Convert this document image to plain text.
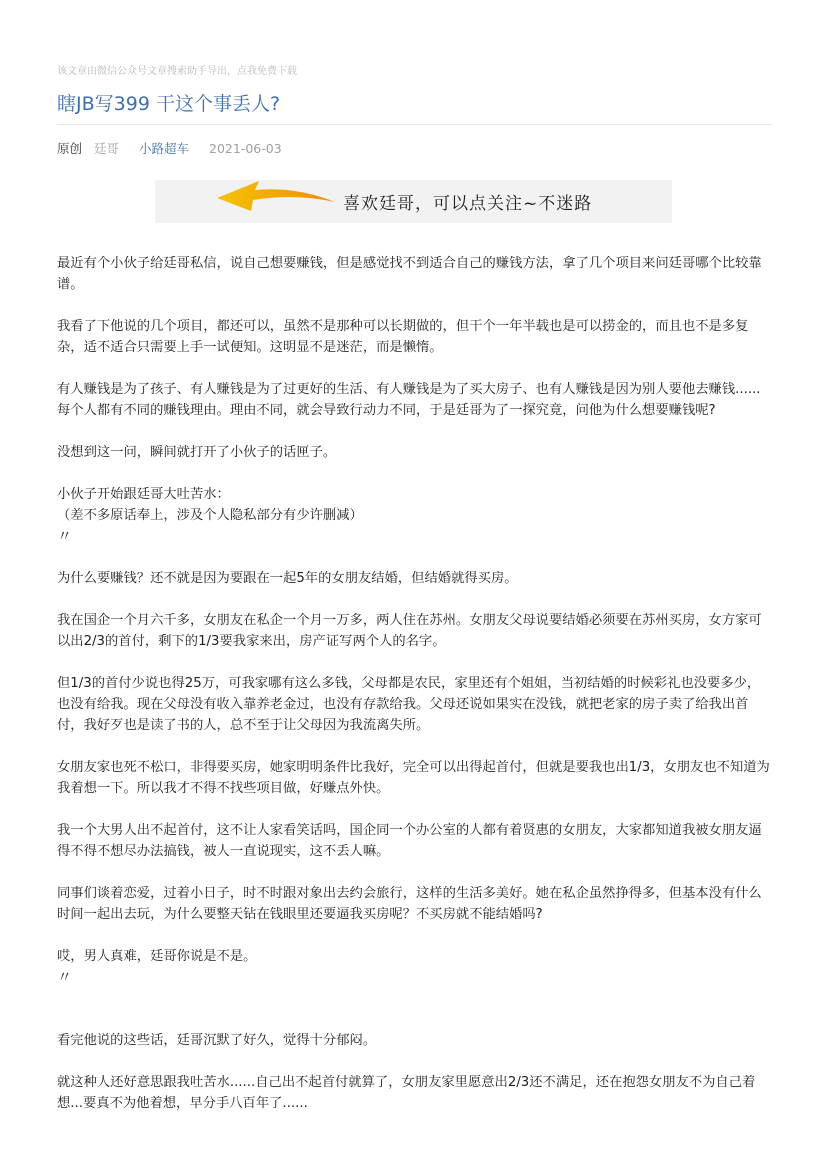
该文章由微信公众号文章搜索助手导出，点我免费下载
瞎JB写399 干这个事丢人?
原创 廷哥 小路超车 2021-06-03
喜欢廷哥，可以点关注~不迷路

最近有个小伙子给廷哥私信，说自己想要赚钱，但是感觉找不到适合自己的赚钱方法，拿了几个项目来问廷哥哪个比较靠谱。

我看了下他说的几个项目，都还可以，虽然不是那种可以长期做的，但干个一年半载也是可以捞金的，而且也不是多复杂，适不适合只需要上手一试便知。这明显不是迷茫，而是懒惰。

有人赚钱是为了孩子、有人赚钱是为了过更好的生活、有人赚钱是为了买大房子、也有人赚钱是因为别人要他去赚钱......每个人都有不同的赚钱理由。理由不同，就会导致行动力不同，于是廷哥为了一探究竟，问他为什么想要赚钱呢?

没想到这一问，瞬间就打开了小伙子的话匣子。

小伙子开始跟廷哥大吐苦水：

（差不多原话奉上，涉及个人隐私部分有少许删减）

〃

为什么要赚钱？还不就是因为要跟在一起5年的女朋友结婚，但结婚就得买房。

我在国企一个月六千多，女朋友在私企一个月一万多，两人住在苏州。女朋友父母说要结婚必须要在苏州买房，女方家可以出2/3的首付，剩下的1/3要我家来出，房产证写两个人的名字。

但1/3的首付少说也得25万，可我家哪有这么多钱，父母都是农民，家里还有个姐姐，当初结婚的时候彩礼也没要多少，也没有给我。现在父母没有收入靠养老金过，也没有存款给我。父母还说如果实在没钱，就把老家的房子卖了给我出首付，我好歹也是读了书的人，总不至于让父母因为我流离失所。

女朋友家也死不松口，非得要买房，她家明明条件比我好，完全可以出得起首付，但就是要我也出1/3，女朋友也不知道为我着想一下。所以我才不得不找些项目做，好赚点外快。

我一个大男人出不起首付，这不让人家看笑话吗，国企同一个办公室的人都有着贤惠的女朋友，大家都知道我被女朋友逼得不得不想尽办法搞钱，被人一直说现实，这不丢人嘛。

同事们谈着恋爱，过着小日子，时不时跟对象出去约会旅行，这样的生活多美好。她在私企虽然挣得多，但基本没有什么时间一起出去玩，为什么要整天钻在钱眼里还要逼我买房呢？不买房就不能结婚吗?

哎，男人真难，廷哥你说是不是。

〃

看完他说的这些话，廷哥沉默了好久，觉得十分郁闷。

就这种人还好意思跟我吐苦水......自己出不起首付就算了，女朋友家里愿意出2/3还不满足，还在抱怨女朋友不为自己着想...要真不为他着想，早分手八百年了......
